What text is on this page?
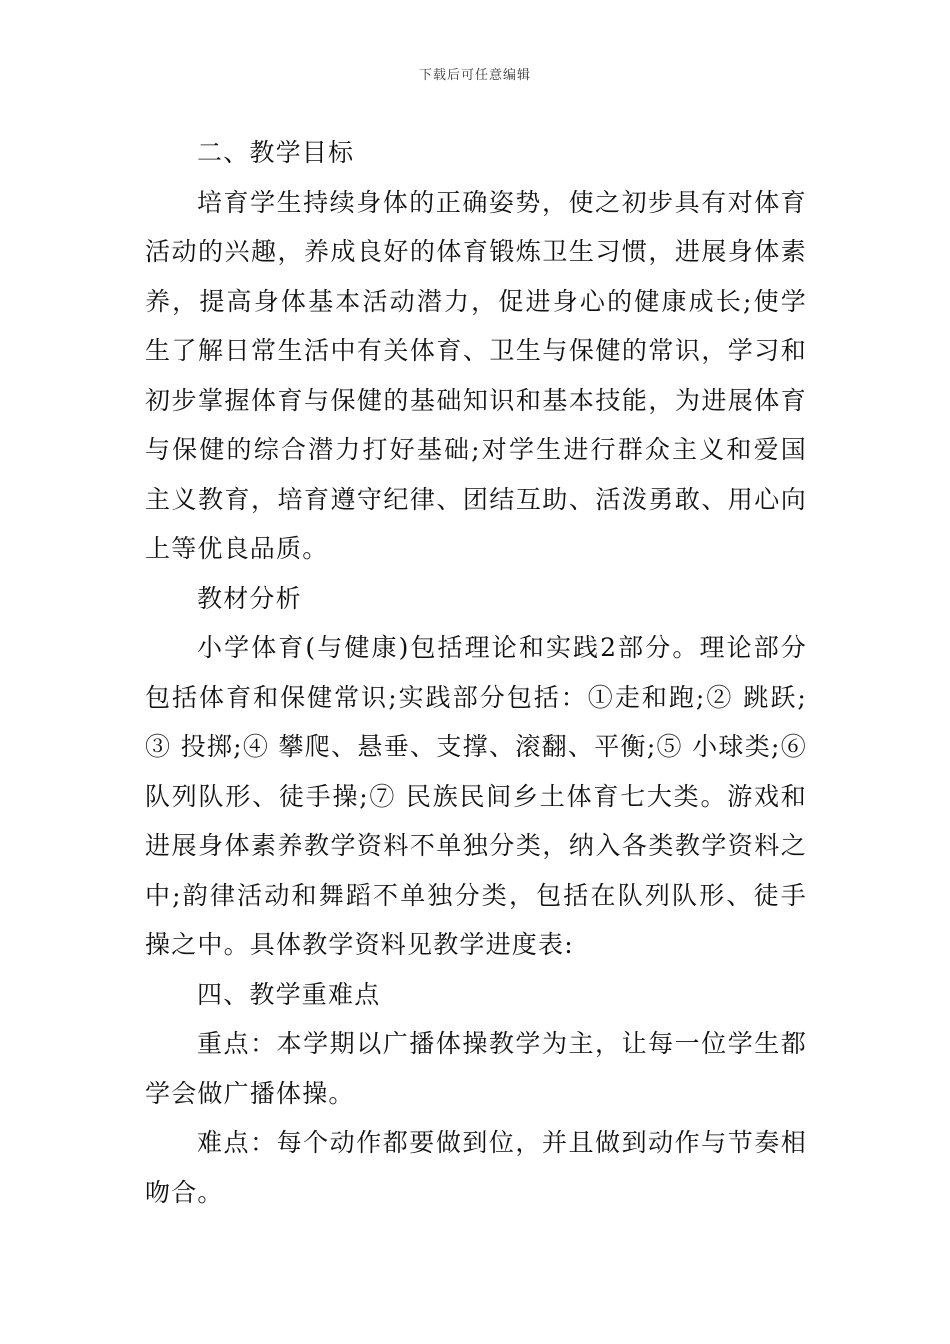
下载后可任意编辑

二、教学目标

培育学生持续身体的正确姿势，使之初步具有对体育活动的兴趣，养成良好的体育锻炼卫生习惯，进展身体素养，提高身体基本活动潜力，促进身心的健康成长;使学生了解日常生活中有关体育、卫生与保健的常识，学习和初步掌握体育与保健的基础知识和基本技能，为进展体育与保健的综合潜力打好基础;对学生进行群众主义和爱国主义教育，培育遵守纪律、团结互助、活泼勇敢、用心向上等优良品质。

教材分析

小学体育(与健康)包括理论和实践2部分。理论部分包括体育和保健常识;实践部分包括：①走和跑;② 跳跃;③ 投掷;④ 攀爬、悬垂、支撑、滚翻、平衡;⑤ 小球类;⑥ 队列队形、徒手操;⑦ 民族民间乡土体育七大类。游戏和进展身体素养教学资料不单独分类，纳入各类教学资料之中;韵律活动和舞蹈不单独分类，包括在队列队形、徒手操之中。具体教学资料见教学进度表:

四、教学重难点

重点：本学期以广播体操教学为主，让每一位学生都学会做广播体操。

难点：每个动作都要做到位，并且做到动作与节奏相吻合。
